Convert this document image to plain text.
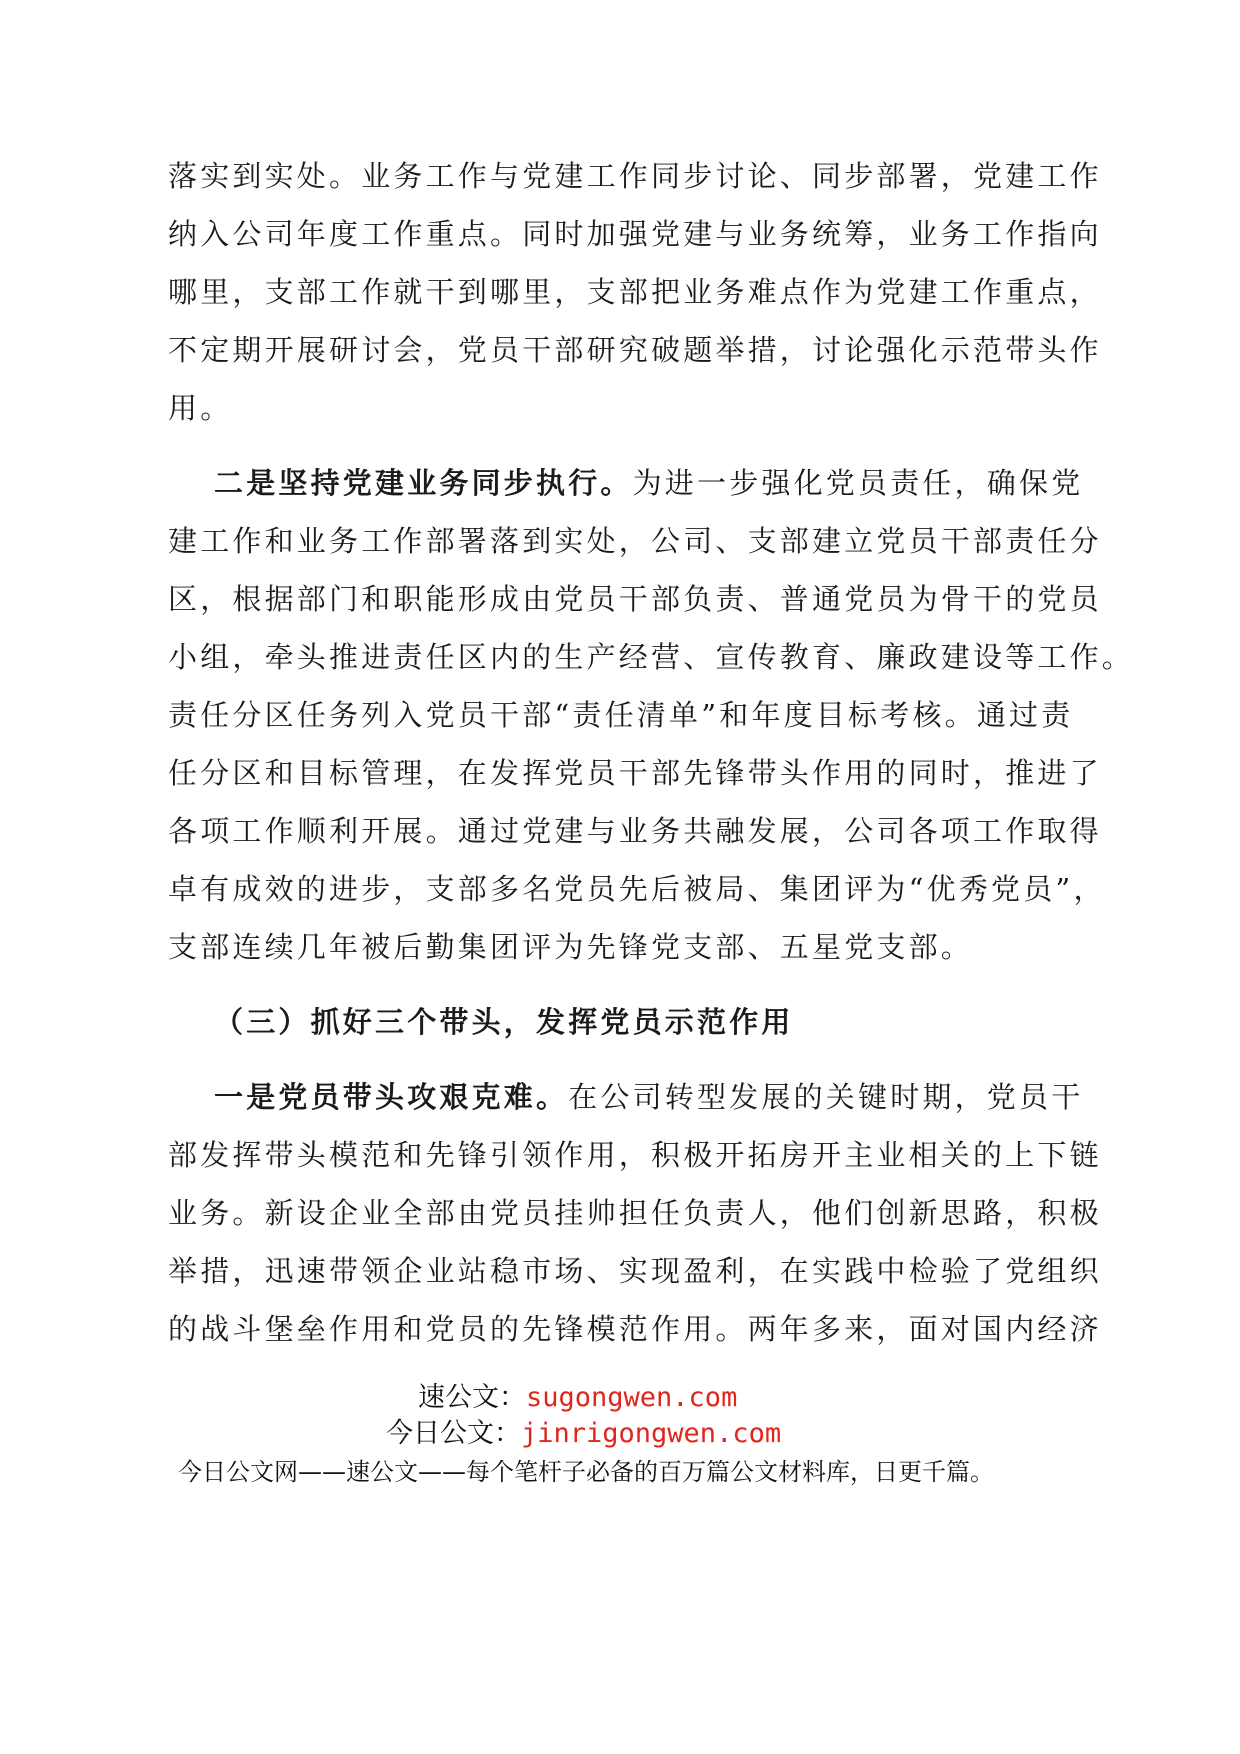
落实到实处。业务工作与党建工作同步讨论、同步部署，党建工作
纳入公司年度工作重点。同时加强党建与业务统筹，业务工作指向
哪里，支部工作就干到哪里，支部把业务难点作为党建工作重点，
不定期开展研讨会，党员干部研究破题举措，讨论强化示范带头作
用。
二是坚持党建业务同步执行。为进一步强化党员责任，确保党
建工作和业务工作部署落到实处，公司、支部建立党员干部责任分
区，根据部门和职能形成由党员干部负责、普通党员为骨干的党员
小组，牵头推进责任区内的生产经营、宣传教育、廉政建设等工作。
责任分区任务列入党员干部“责任清单”和年度目标考核。通过责
任分区和目标管理，在发挥党员干部先锋带头作用的同时，推进了
各项工作顺利开展。通过党建与业务共融发展，公司各项工作取得
卓有成效的进步，支部多名党员先后被局、集团评为“优秀党员”，
支部连续几年被后勤集团评为先锋党支部、五星党支部。
（三）抓好三个带头，发挥党员示范作用
一是党员带头攻艰克难。在公司转型发展的关键时期，党员干
部发挥带头模范和先锋引领作用，积极开拓房开主业相关的上下链
业务。新设企业全部由党员挂帅担任负责人，他们创新思路，积极
举措，迅速带领企业站稳市场、实现盈利，在实践中检验了党组织
的战斗堡垒作用和党员的先锋模范作用。两年多来，面对国内经济
速公文：sugongwen.com
今日公文：jinrigongwen.com
今日公文网——速公文——每个笔杆子必备的百万篇公文材料库，日更千篇。
